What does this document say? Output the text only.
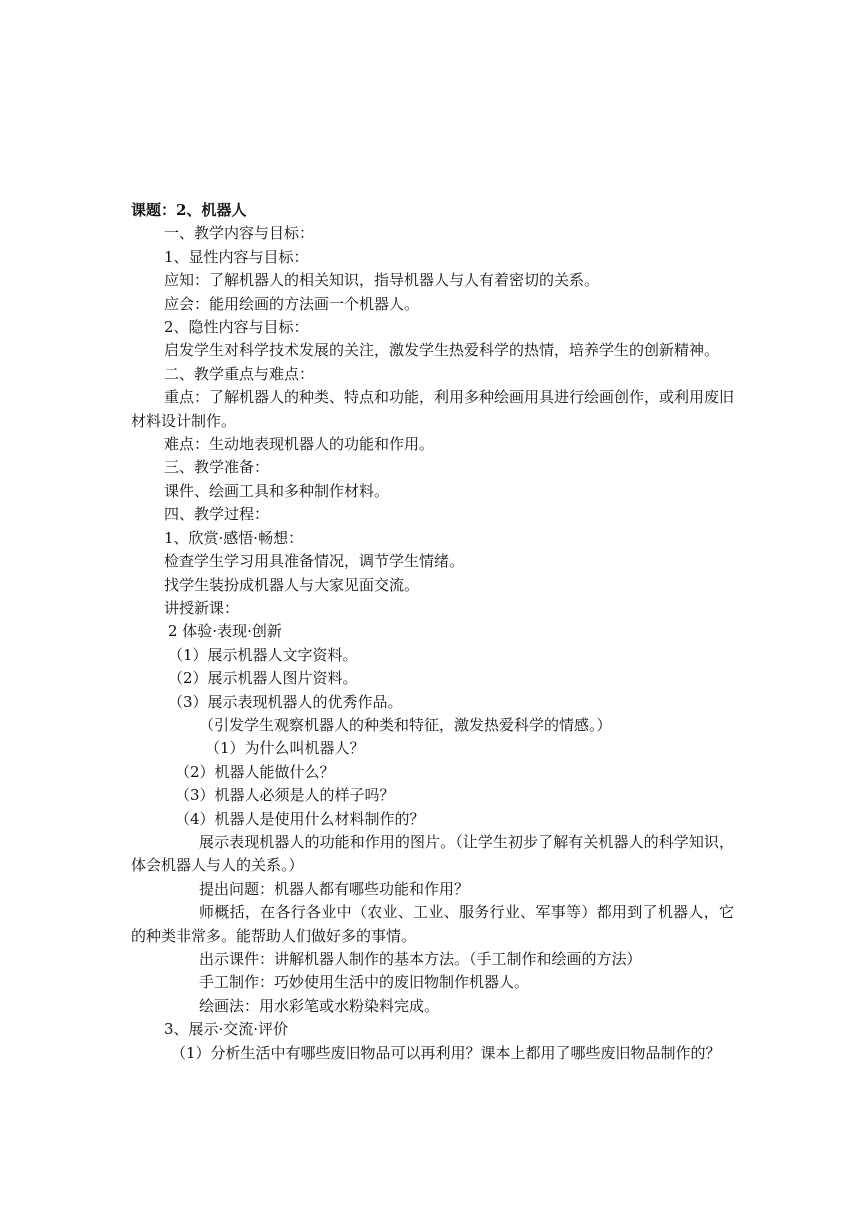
课题：2、机器人

一、教学内容与目标：

1、显性内容与目标：

应知：了解机器人的相关知识，指导机器人与人有着密切的关系。

应会：能用绘画的方法画一个机器人。

2、隐性内容与目标：

启发学生对科学技术发展的关注，激发学生热爱科学的热情，培养学生的创新精神。

二、教学重点与难点：

重点：了解机器人的种类、特点和功能，利用多种绘画用具进行绘画创作，或利用废旧材料设计制作。

难点：生动地表现机器人的功能和作用。

三、教学准备：

课件、绘画工具和多种制作材料。

四、教学过程：

1、欣赏·感悟·畅想：

检查学生学习用具准备情况，调节学生情绪。

找学生装扮成机器人与大家见面交流。

讲授新课：

2 体验·表现·创新

（1）展示机器人文字资料。

（2）展示机器人图片资料。

（3）展示表现机器人的优秀作品。

（引发学生观察机器人的种类和特征，激发热爱科学的情感。）

（1）为什么叫机器人？

（2）机器人能做什么？

（3）机器人必须是人的样子吗？

（4）机器人是使用什么材料制作的？

展示表现机器人的功能和作用的图片。（让学生初步了解有关机器人的科学知识，体会机器人与人的关系。）

提出问题：机器人都有哪些功能和作用？

师概括，在各行各业中（农业、工业、服务行业、军事等）都用到了机器人，它的种类非常多。能帮助人们做好多的事情。

出示课件：讲解机器人制作的基本方法。（手工制作和绘画的方法）

手工制作：巧妙使用生活中的废旧物制作机器人。

绘画法：用水彩笔或水粉染料完成。

3、展示·交流·评价

（1）分析生活中有哪些废旧物品可以再利用？课本上都用了哪些废旧物品制作的？
